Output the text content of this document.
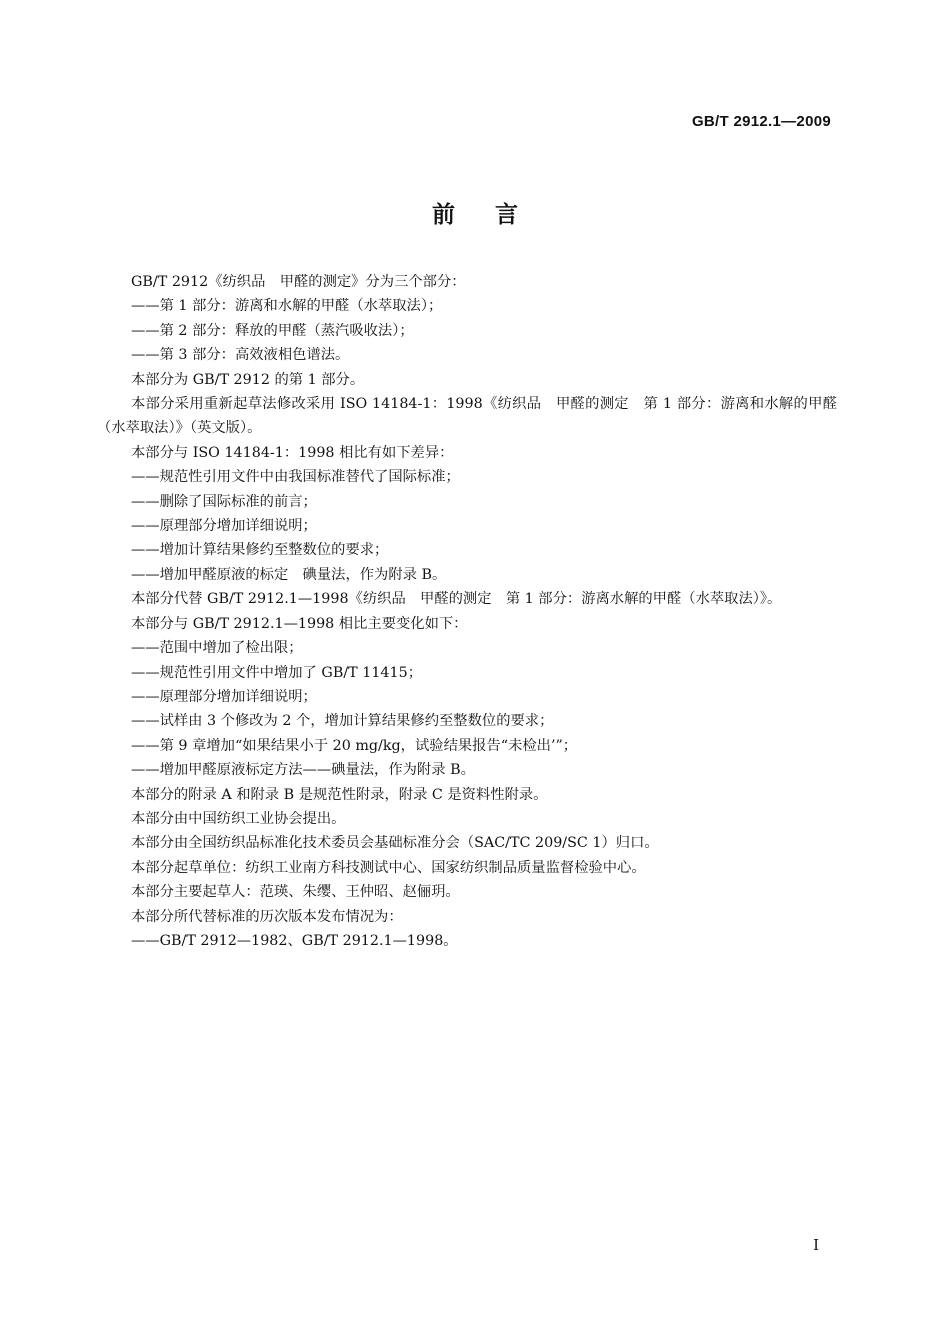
GB/T 2912.1—2009
前言

GB/T 2912《纺织品　甲醛的测定》分为三个部分：

——第 1 部分：游离和水解的甲醛（水萃取法）；

——第 2 部分：释放的甲醛（蒸汽吸收法）；

——第 3 部分：高效液相色谱法。

本部分为 GB/T 2912 的第 1 部分。

本部分采用重新起草法修改采用 ISO 14184-1：1998《纺织品　甲醛的测定　第 1 部分：游离和水解的甲醛（水萃取法）》（英文版）。

本部分与 ISO 14184-1：1998 相比有如下差异：

——规范性引用文件中由我国标准替代了国际标准；

——删除了国际标准的前言；

——原理部分增加详细说明；

——增加计算结果修约至整数位的要求；

——增加甲醛原液的标定　碘量法，作为附录 B。

本部分代替 GB/T 2912.1—1998《纺织品　甲醛的测定　第 1 部分：游离水解的甲醛（水萃取法）》。

本部分与 GB/T 2912.1—1998 相比主要变化如下：

——范围中增加了检出限；

——规范性引用文件中增加了 GB/T 11415；

——原理部分增加详细说明；

——试样由 3 个修改为 2 个，增加计算结果修约至整数位的要求；

——第 9 章增加“如果结果小于 20 mg/kg，试验结果报告“未检出’”；

——增加甲醛原液标定方法——碘量法，作为附录 B。

本部分的附录 A 和附录 B 是规范性附录，附录 C 是资料性附录。

本部分由中国纺织工业协会提出。

本部分由全国纺织品标准化技术委员会基础标准分会（SAC/TC 209/SC 1）归口。

本部分起草单位：纺织工业南方科技测试中心、国家纺织制品质量监督检验中心。

本部分主要起草人：范瑛、朱缨、王仲昭、赵俪玥。

本部分所代替标准的历次版本发布情况为：

——GB/T 2912—1982、GB/T 2912.1—1998。

I
